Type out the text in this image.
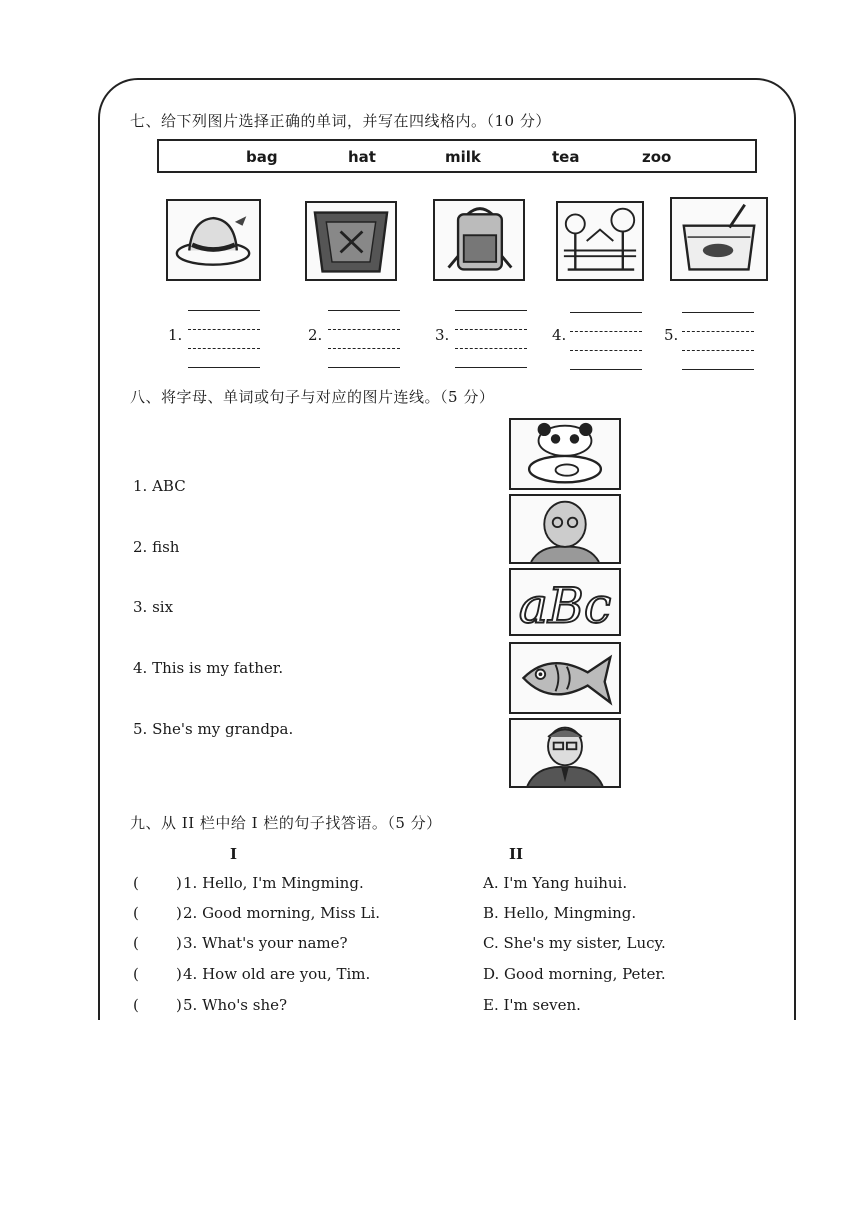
七、给下列图片选择正确的单词，并写在四线格内。（10 分）
bag	hat	milk	tea	zoo
1.	2.	3.	4.	5.
八、将字母、单词或句子与对应的图片连线。（5 分）
1. ABC
2. fish
3. six
4. This is my father.
5. She's my grandpa.
aBc
九、从 II 栏中给 I 栏的句子找答语。（5 分）
I	II
( ) 1. Hello, I'm Mingming.
( ) 2. Good morning, Miss Li.
( ) 3. What's your name?
( ) 4. How old are you, Tim.
( ) 5. Who's she?
A. I'm Yang huihui.
B. Hello, Mingming.
C. She's my sister, Lucy.
D. Good morning, Peter.
E. I'm seven.
